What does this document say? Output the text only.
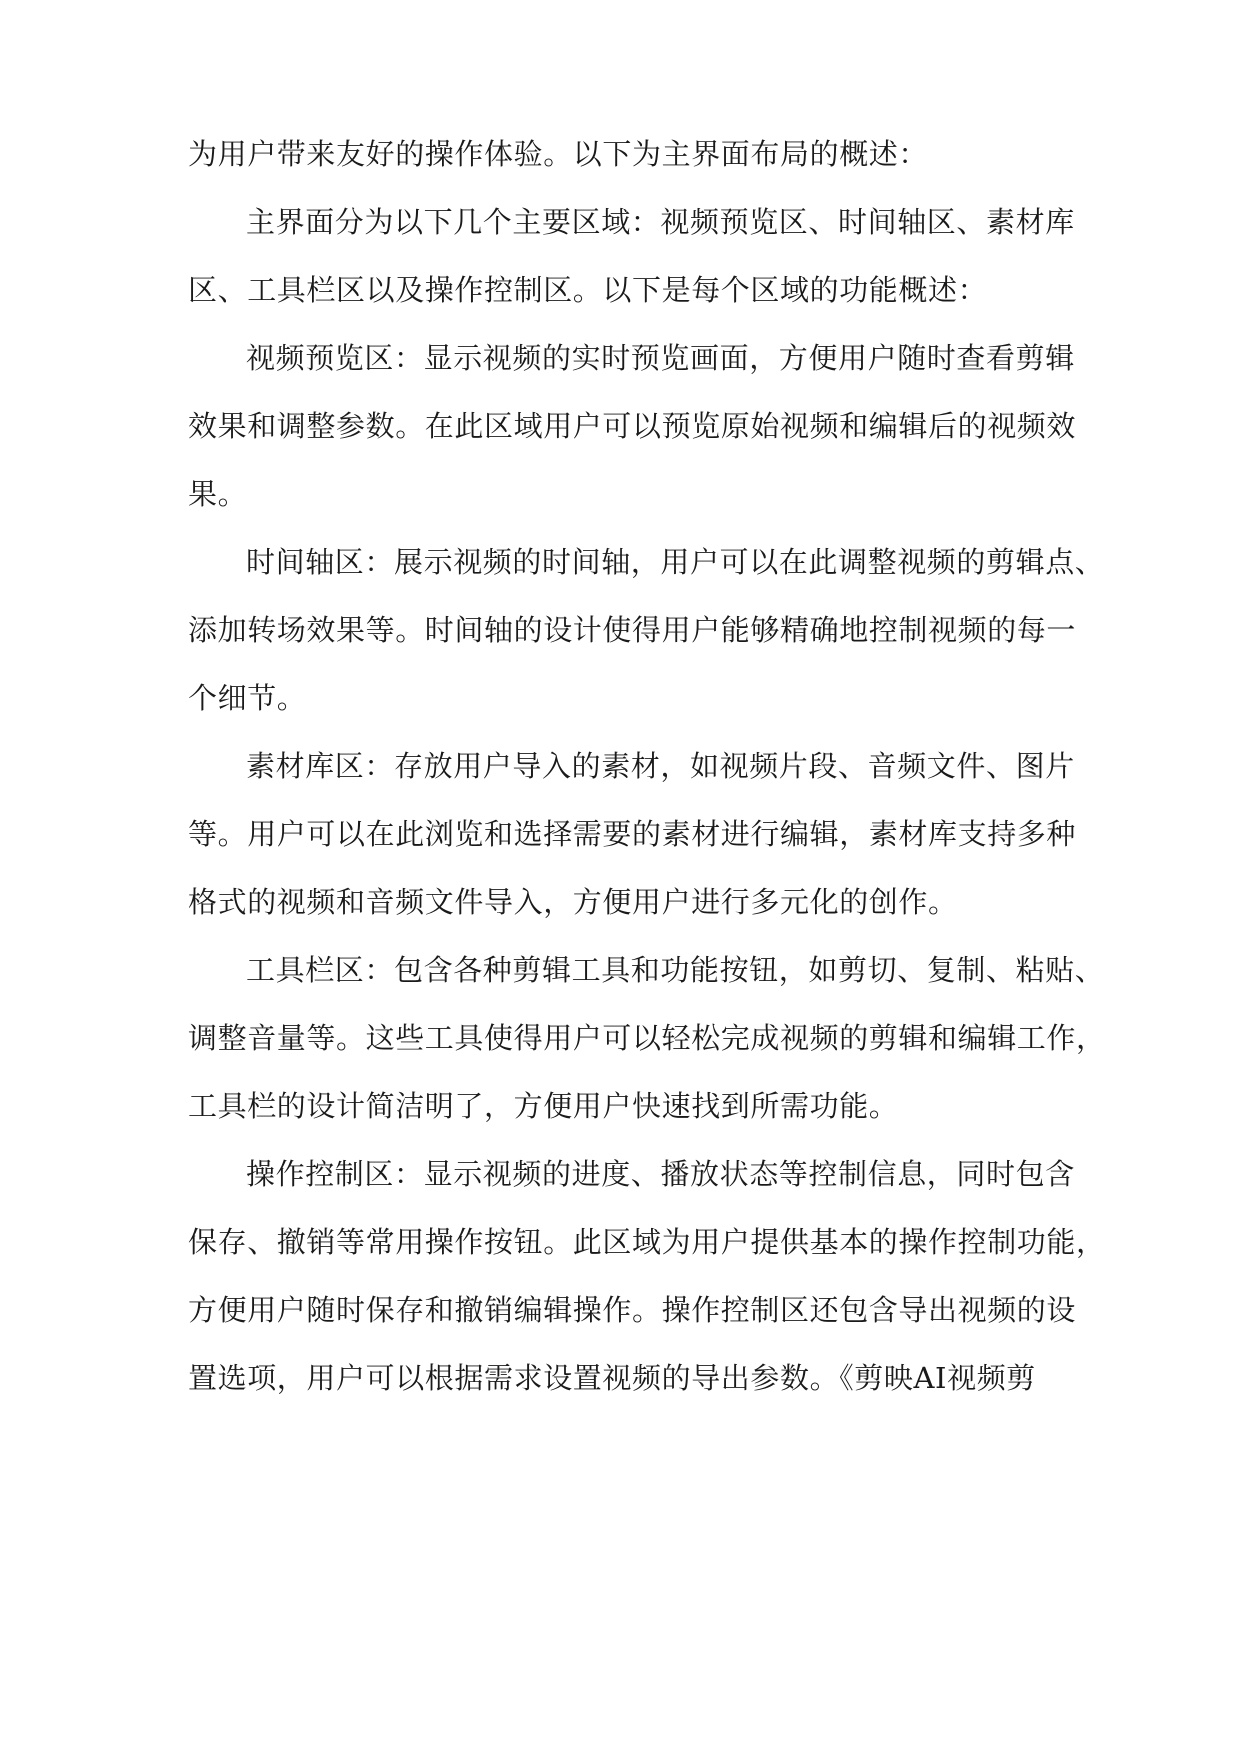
为用户带来友好的操作体验。以下为主界面布局的概述：
主界面分为以下几个主要区域：视频预览区、时间轴区、素材库
区、工具栏区以及操作控制区。以下是每个区域的功能概述：
视频预览区：显示视频的实时预览画面，方便用户随时查看剪辑
效果和调整参数。在此区域用户可以预览原始视频和编辑后的视频效
果。
时间轴区：展示视频的时间轴，用户可以在此调整视频的剪辑点、
添加转场效果等。时间轴的设计使得用户能够精确地控制视频的每一
个细节。
素材库区：存放用户导入的素材，如视频片段、音频文件、图片
等。用户可以在此浏览和选择需要的素材进行编辑，素材库支持多种
格式的视频和音频文件导入，方便用户进行多元化的创作。
工具栏区：包含各种剪辑工具和功能按钮，如剪切、复制、粘贴、
调整音量等。这些工具使得用户可以轻松完成视频的剪辑和编辑工作，
工具栏的设计简洁明了，方便用户快速找到所需功能。
操作控制区：显示视频的进度、播放状态等控制信息，同时包含
保存、撤销等常用操作按钮。此区域为用户提供基本的操作控制功能，
方便用户随时保存和撤销编辑操作。操作控制区还包含导出视频的设
置选项，用户可以根据需求设置视频的导出参数。《剪映AI视频剪
